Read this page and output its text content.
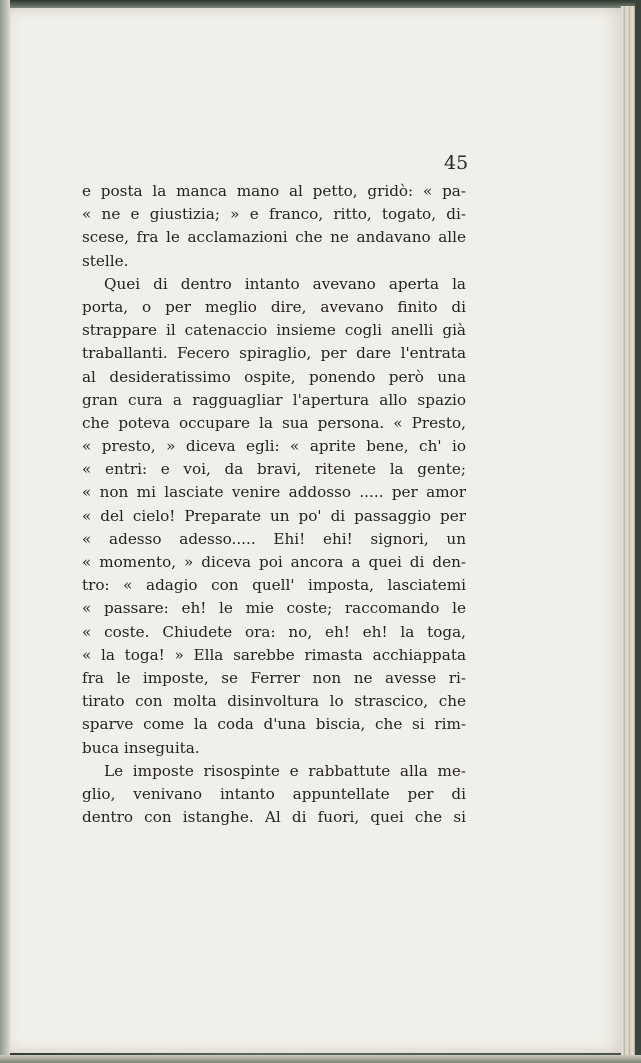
45
e posta la manca mano al petto, gridò: « pa-
« ne e giustizia; » e franco, ritto, togato, di-
scese, fra le acclamazioni che ne andavano alle
stelle.
Quei di dentro intanto avevano aperta la
porta, o per meglio dire, avevano finito di
strappare il catenaccio insieme cogli anelli già
traballanti. Fecero spiraglio, per dare l'entrata
al desideratissimo ospite, ponendo però una
gran cura a ragguagliar l'apertura allo spazio
che poteva occupare la sua persona. « Presto,
« presto, » diceva egli: « aprite bene, ch' io
« entri: e voi, da bravi, ritenete la gente;
« non mi lasciate venire addosso ..... per amor
« del cielo! Preparate un po' di passaggio per
« adesso adesso..... Ehi! ehi! signori, un
« momento, » diceva poi ancora a quei di den-
tro: « adagio con quell' imposta, lasciatemi
« passare: eh! le mie coste; raccomando le
« coste. Chiudete ora: no, eh! eh! la toga,
« la toga! » Ella sarebbe rimasta acchiappata
fra le imposte, se Ferrer non ne avesse ri-
tirato con molta disinvoltura lo strascico, che
sparve come la coda d'una biscia, che si rim-
buca inseguita.
Le imposte risospinte e rabbattute alla me-
glio, venivano intanto appuntellate per di
dentro con istanghe. Al di fuori, quei che si
